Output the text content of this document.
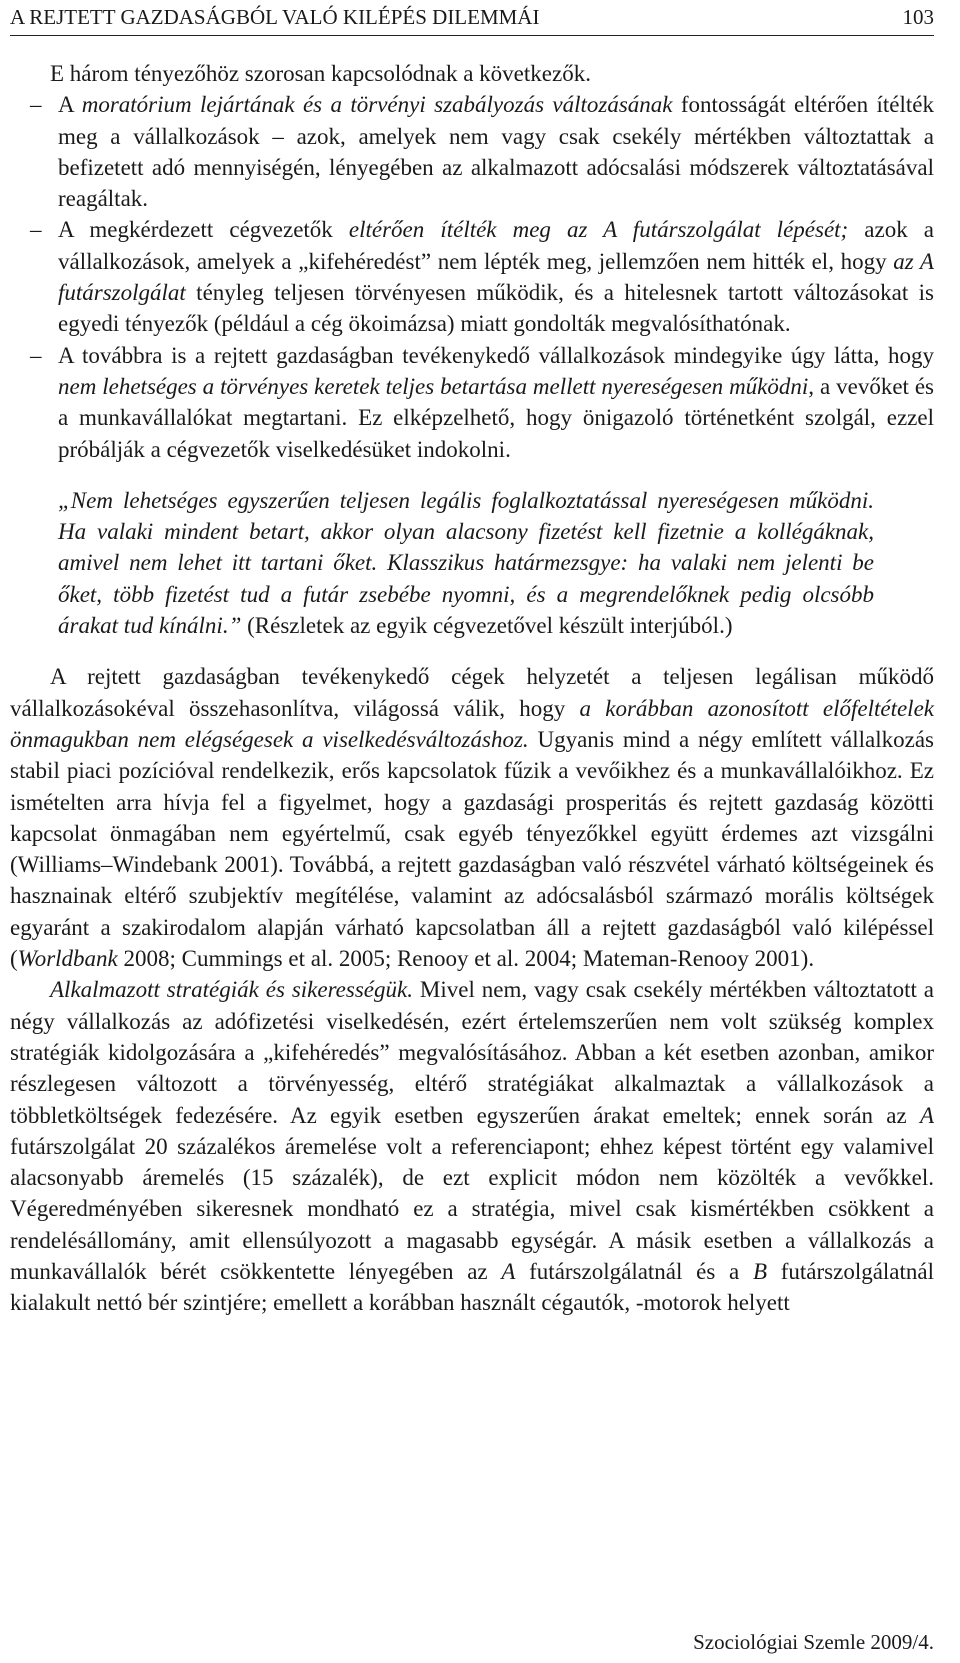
A REJTETT GAZDASÁGBÓL VALÓ KILÉPÉS DILEMMÁI	103

E három tényezőhöz szorosan kapcsolódnak a következők.

– A moratórium lejártának és a törvényi szabályozás változásának fontosságát eltérően ítélték meg a vállalkozások – azok, amelyek nem vagy csak csekély mértékben változtattak a befizetett adó mennyiségén, lényegében az alkalmazott adócsalási módszerek változtatásával reagáltak.
– A megkérdezett cégvezetők eltérően ítélték meg az A futárszolgálat lépését; azok a vállalkozások, amelyek a „kifehéredést” nem lépték meg, jellemzően nem hitték el, hogy az A futárszolgálat tényleg teljesen törvényesen működik, és a hitelesnek tartott változásokat is egyedi tényezők (például a cég ökoimázsa) miatt gondolták megvalósíthatónak.
– A továbbra is a rejtett gazdaságban tevékenykedő vállalkozások mindegyike úgy látta, hogy nem lehetséges a törvényes keretek teljes betartása mellett nyereségesen működni, a vevőket és a munkavállalókat megtartani. Ez elképzelhető, hogy önigazoló történetként szolgál, ezzel próbálják a cégvezetők viselkedésüket indokolni.

„Nem lehetséges egyszerűen teljesen legális foglalkoztatással nyereségesen működni. Ha valaki mindent betart, akkor olyan alacsony fizetést kell fizetnie a kollégáknak, amivel nem lehet itt tartani őket. Klasszikus határmezsgye: ha valaki nem jelenti be őket, több fizetést tud a futár zsebébe nyomni, és a megrendelőknek pedig olcsóbb árakat tud kínálni.” (Részletek az egyik cégvezetővel készült interjúból.)

A rejtett gazdaságban tevékenykedő cégek helyzetét a teljesen legálisan működő vállalkozásokéval összehasonlítva, világossá válik, hogy a korábban azonosított előfeltételek önmagukban nem elégségesek a viselkedésváltozáshoz. Ugyanis mind a négy említett vállalkozás stabil piaci pozícióval rendelkezik, erős kapcsolatok fűzik a vevőikhez és a munkavállalóikhoz. Ez ismételten arra hívja fel a figyelmet, hogy a gazdasági prosperitás és rejtett gazdaság közötti kapcsolat önmagában nem egyértelmű, csak egyéb tényezőkkel együtt érdemes azt vizsgálni (Williams–Windebank 2001). Továbbá, a rejtett gazdaságban való részvétel várható költségeinek és hasznainak eltérő szubjektív megítélése, valamint az adócsalásból származó morális költségek egyaránt a szakirodalom alapján várható kapcsolatban áll a rejtett gazdaságból való kilépéssel (Worldbank 2008; Cummings et al. 2005; Renooy et al. 2004; Mateman-Renooy 2001).

Alkalmazott stratégiák és sikerességük. Mivel nem, vagy csak csekély mértékben változtatott a négy vállalkozás az adófizetési viselkedésén, ezért értelemszerűen nem volt szükség komplex stratégiák kidolgozására a „kifehéredés” megvalósításához. Abban a két esetben azonban, amikor részlegesen változott a törvényesség, eltérő stratégiákat alkalmaztak a vállalkozások a többletköltségek fedezésére. Az egyik esetben egyszerűen árakat emeltek; ennek során az A futárszolgálat 20 százalékos áremelése volt a referenciapont; ehhez képest történt egy valamivel alacsonyabb áremelés (15 százalék), de ezt explicit módon nem közölték a vevőkkel. Végeredményében sikeresnek mondható ez a stratégia, mivel csak kismértékben csökkent a rendelésállomány, amit ellensúlyozott a magasabb egységár. A másik esetben a vállalkozás a munkavállalók bérét csökkentette lényegében az A futárszolgálatnál és a B futárszolgálatnál kialakult nettó bér szintjére; emellett a korábban használt cégautók, -motorok helyett

Szociológiai Szemle 2009/4.
